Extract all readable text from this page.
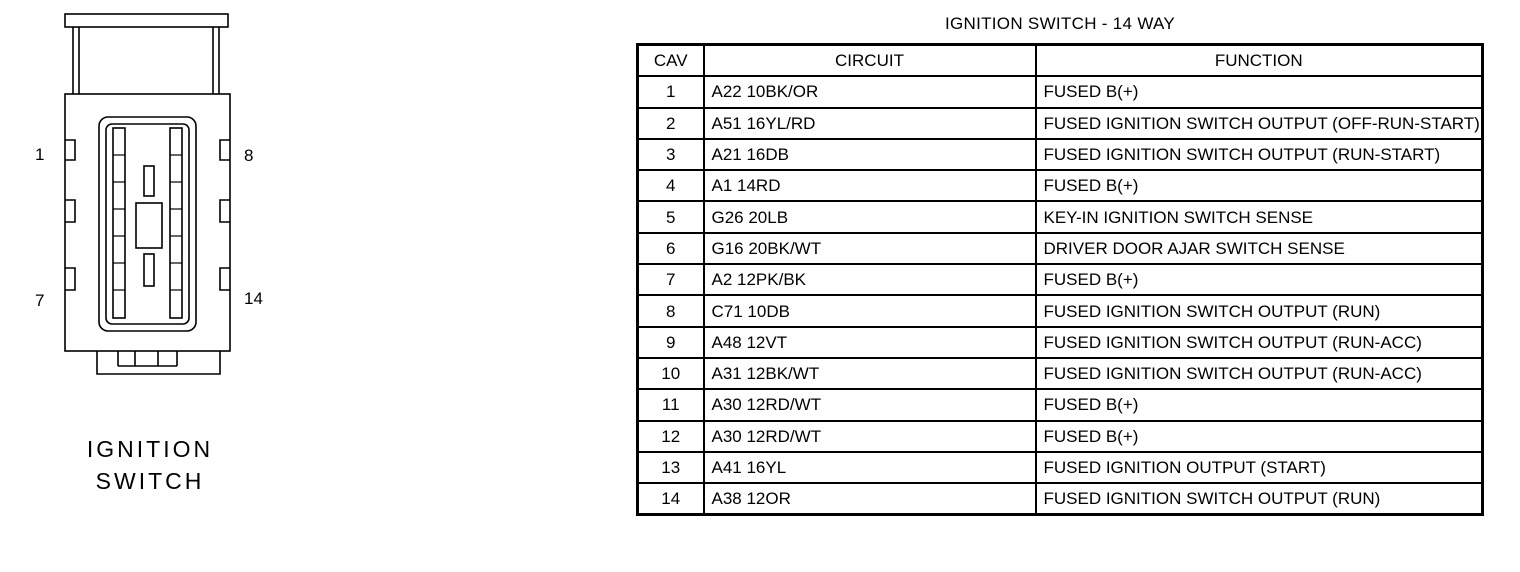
1	8
7	14
IGNITION
SWITCH
IGNITION SWITCH - 14 WAY
CAV	CIRCUIT	FUNCTION
1	A22 10BK/OR	FUSED B(+)
2	A51 16YL/RD	FUSED IGNITION SWITCH OUTPUT (OFF-RUN-START)
3	A21 16DB	FUSED IGNITION SWITCH OUTPUT (RUN-START)
4	A1 14RD	FUSED B(+)
5	G26 20LB	KEY-IN IGNITION SWITCH SENSE
6	G16 20BK/WT	DRIVER DOOR AJAR SWITCH SENSE
7	A2 12PK/BK	FUSED B(+)
8	C71 10DB	FUSED IGNITION SWITCH OUTPUT (RUN)
9	A48 12VT	FUSED IGNITION SWITCH OUTPUT (RUN-ACC)
10	A31 12BK/WT	FUSED IGNITION SWITCH OUTPUT (RUN-ACC)
11	A30 12RD/WT	FUSED B(+)
12	A30 12RD/WT	FUSED B(+)
13	A41 16YL	FUSED IGNITION OUTPUT (START)
14	A38 12OR	FUSED IGNITION SWITCH OUTPUT (RUN)
